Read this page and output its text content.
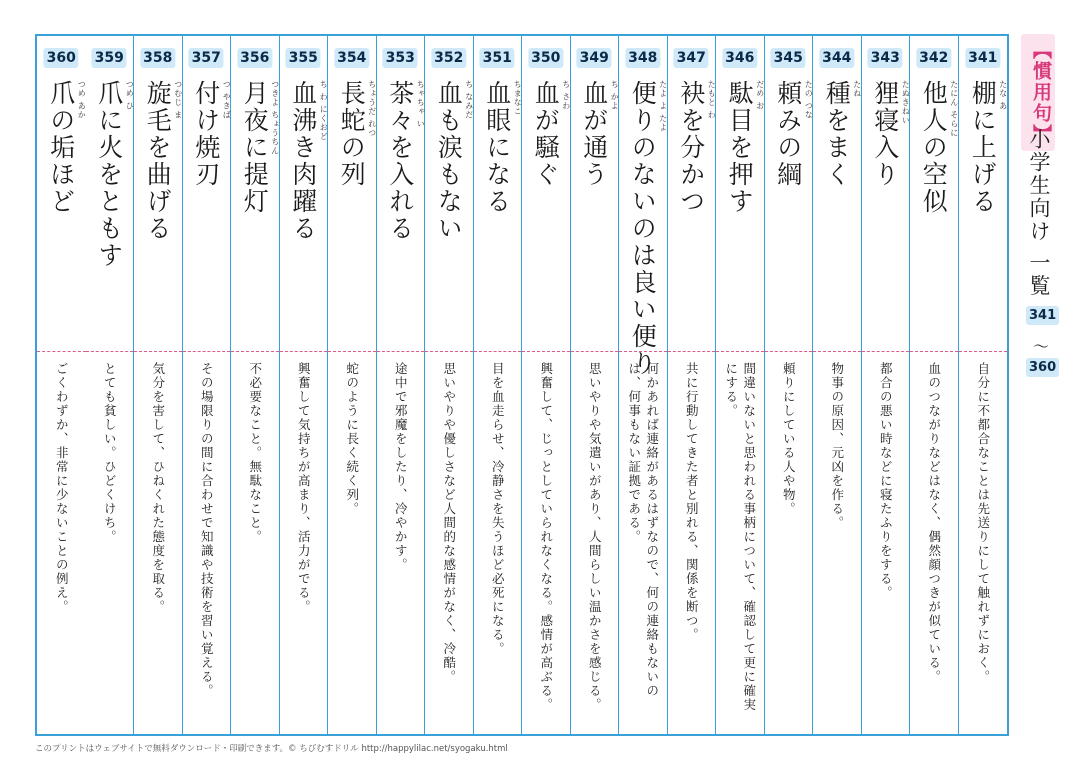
341
たな あ
棚に上げる
自分に不都合なことは先送りにして触れずにおく。
342
たにん そらに
他人の空似
血のつながりなどはなく、偶然顔つきが似ている。
343
たぬきねい
狸寝入り
都合の悪い時などに寝たふりをする。
344
たね
種をまく
物事の原因、元凶を作る。
345
たの つな
頼みの綱
頼りにしている人や物。
346
だめ お
駄目を押す
間違いないと思われる事柄について、確認して更に確実にする。
347
たもと わ
袂を分かつ
共に行動してきた者と別れる、関係を断つ。
348
たよ よ たよ
便りのないのは良い便り
何かあれば連絡があるはずなので、何の連絡もないのは、何事もない証拠である。
349
ち かよ
血が通う
思いやりや気遣いがあり、人間らしい温かさを感じる。
350
ち さわ
血が騒ぐ
興奮して、じっとしていられなくなる。感情が高ぶる。
351
ちまなこ
血眼になる
目を血走らせ、冷静さを失うほど必死になる。
352
ち なみだ
血も涙もない
思いやりや優しさなど人間的な感情がなく、冷酷。
353
ちゃちゃ い
茶々を入れる
途中で邪魔をしたり、冷やかす。
354
ちょうだ れつ
長蛇の列
蛇のように長く続く列。
355
ち わ にくおど
血沸き肉躍る
興奮して気持ちが高まり、活力がでる。
356
つきよ ちょうちん
月夜に提灯
不必要なこと。無駄なこと。
357
つ やきば
付け焼刃
その場限りの間に合わせで知識や技術を習い覚える。
358
つむじ ま
旋毛を曲げる
気分を害して、ひねくれた態度を取る。
359
つめ ひ
爪に火をともす
とても貧しい。ひどくけち。
360
つめ あか
爪の垢ほど
ごくわずか、非常に少ないことの例え。
【慣用句】
小学生向け 一覧
341
〜
360
このプリントはウェブサイトで無料ダウンロード・印刷できます。© ちびむすドリル http://happylilac.net/syogaku.html
